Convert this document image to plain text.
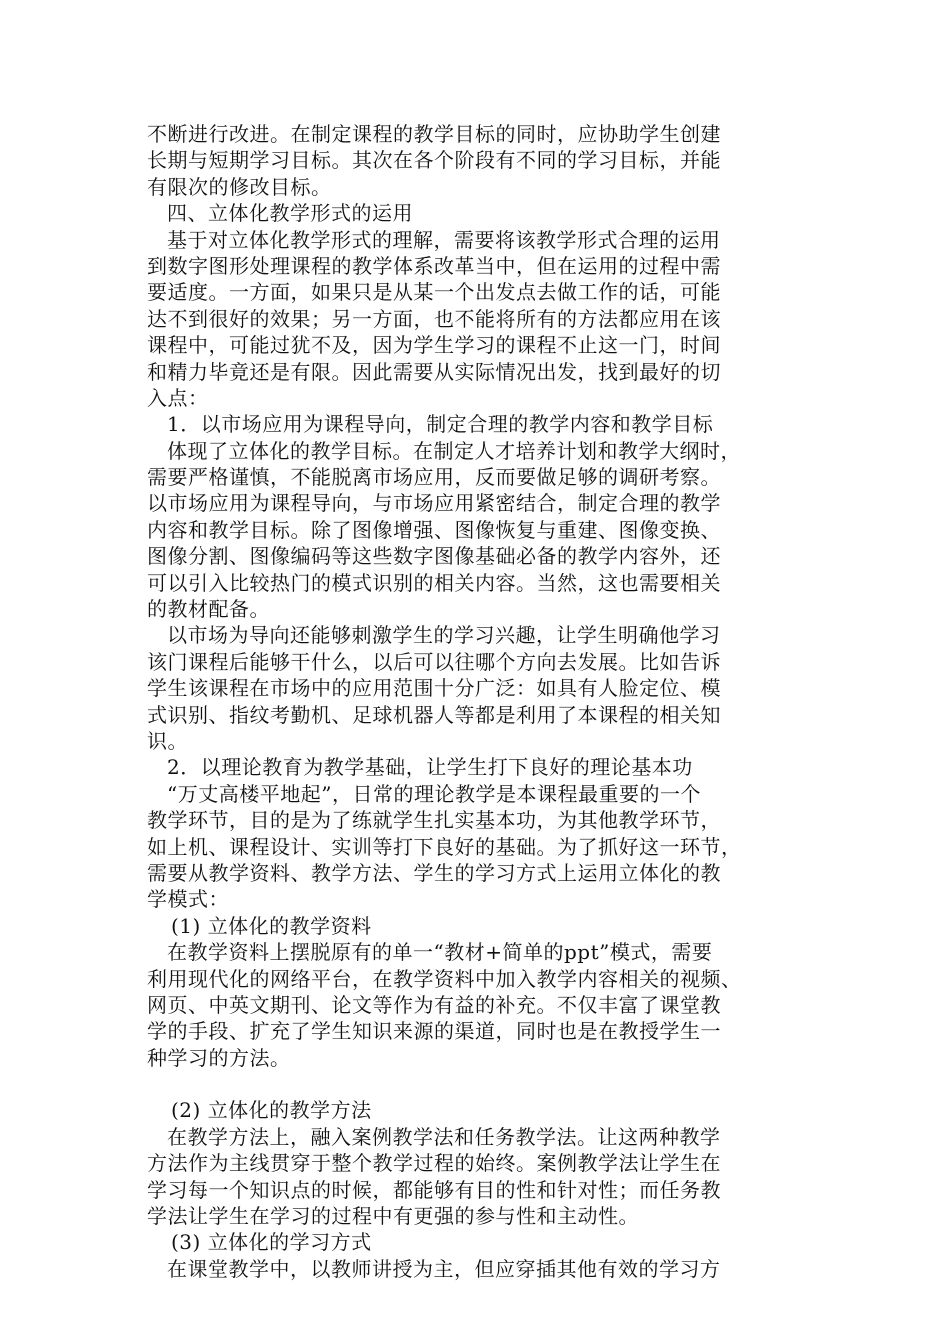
不断进行改进。在制定课程的教学目标的同时，应协助学生创建
长期与短期学习目标。其次在各个阶段有不同的学习目标，并能
有限次的修改目标。
四、立体化教学形式的运用
基于对立体化教学形式的理解，需要将该教学形式合理的运用
到数字图形处理课程的教学体系改革当中，但在运用的过程中需
要适度。一方面，如果只是从某一个出发点去做工作的话，可能
达不到很好的效果；另一方面，也不能将所有的方法都应用在该
课程中，可能过犹不及，因为学生学习的课程不止这一门，时间
和精力毕竟还是有限。因此需要从实际情况出发，找到最好的切
入点：
1．以市场应用为课程导向，制定合理的教学内容和教学目标
体现了立体化的教学目标。在制定人才培养计划和教学大纲时，
需要严格谨慎，不能脱离市场应用，反而要做足够的调研考察。
以市场应用为课程导向，与市场应用紧密结合，制定合理的教学
内容和教学目标。除了图像增强、图像恢复与重建、图像变换、
图像分割、图像编码等这些数字图像基础必备的教学内容外，还
可以引入比较热门的模式识别的相关内容。当然，这也需要相关
的教材配备。
以市场为导向还能够刺激学生的学习兴趣，让学生明确他学习
该门课程后能够干什么，以后可以往哪个方向去发展。比如告诉
学生该课程在市场中的应用范围十分广泛：如具有人脸定位、模
式识别、指纹考勤机、足球机器人等都是利用了本课程的相关知
识。
2．以理论教育为教学基础，让学生打下良好的理论基本功
“万丈高楼平地起”，日常的理论教学是本课程最重要的一个
教学环节，目的是为了练就学生扎实基本功，为其他教学环节，
如上机、课程设计、实训等打下良好的基础。为了抓好这一环节，
需要从教学资料、教学方法、学生的学习方式上运用立体化的教
学模式：
(1) 立体化的教学资料
在教学资料上摆脱原有的单一“教材+简单的ppt”模式，需要
利用现代化的网络平台，在教学资料中加入教学内容相关的视频、
网页、中英文期刊、论文等作为有益的补充。不仅丰富了课堂教
学的手段、扩充了学生知识来源的渠道，同时也是在教授学生一
种学习的方法。
(2) 立体化的教学方法
在教学方法上，融入案例教学法和任务教学法。让这两种教学
方法作为主线贯穿于整个教学过程的始终。案例教学法让学生在
学习每一个知识点的时候，都能够有目的性和针对性；而任务教
学法让学生在学习的过程中有更强的参与性和主动性。
(3) 立体化的学习方式
在课堂教学中，以教师讲授为主，但应穿插其他有效的学习方
